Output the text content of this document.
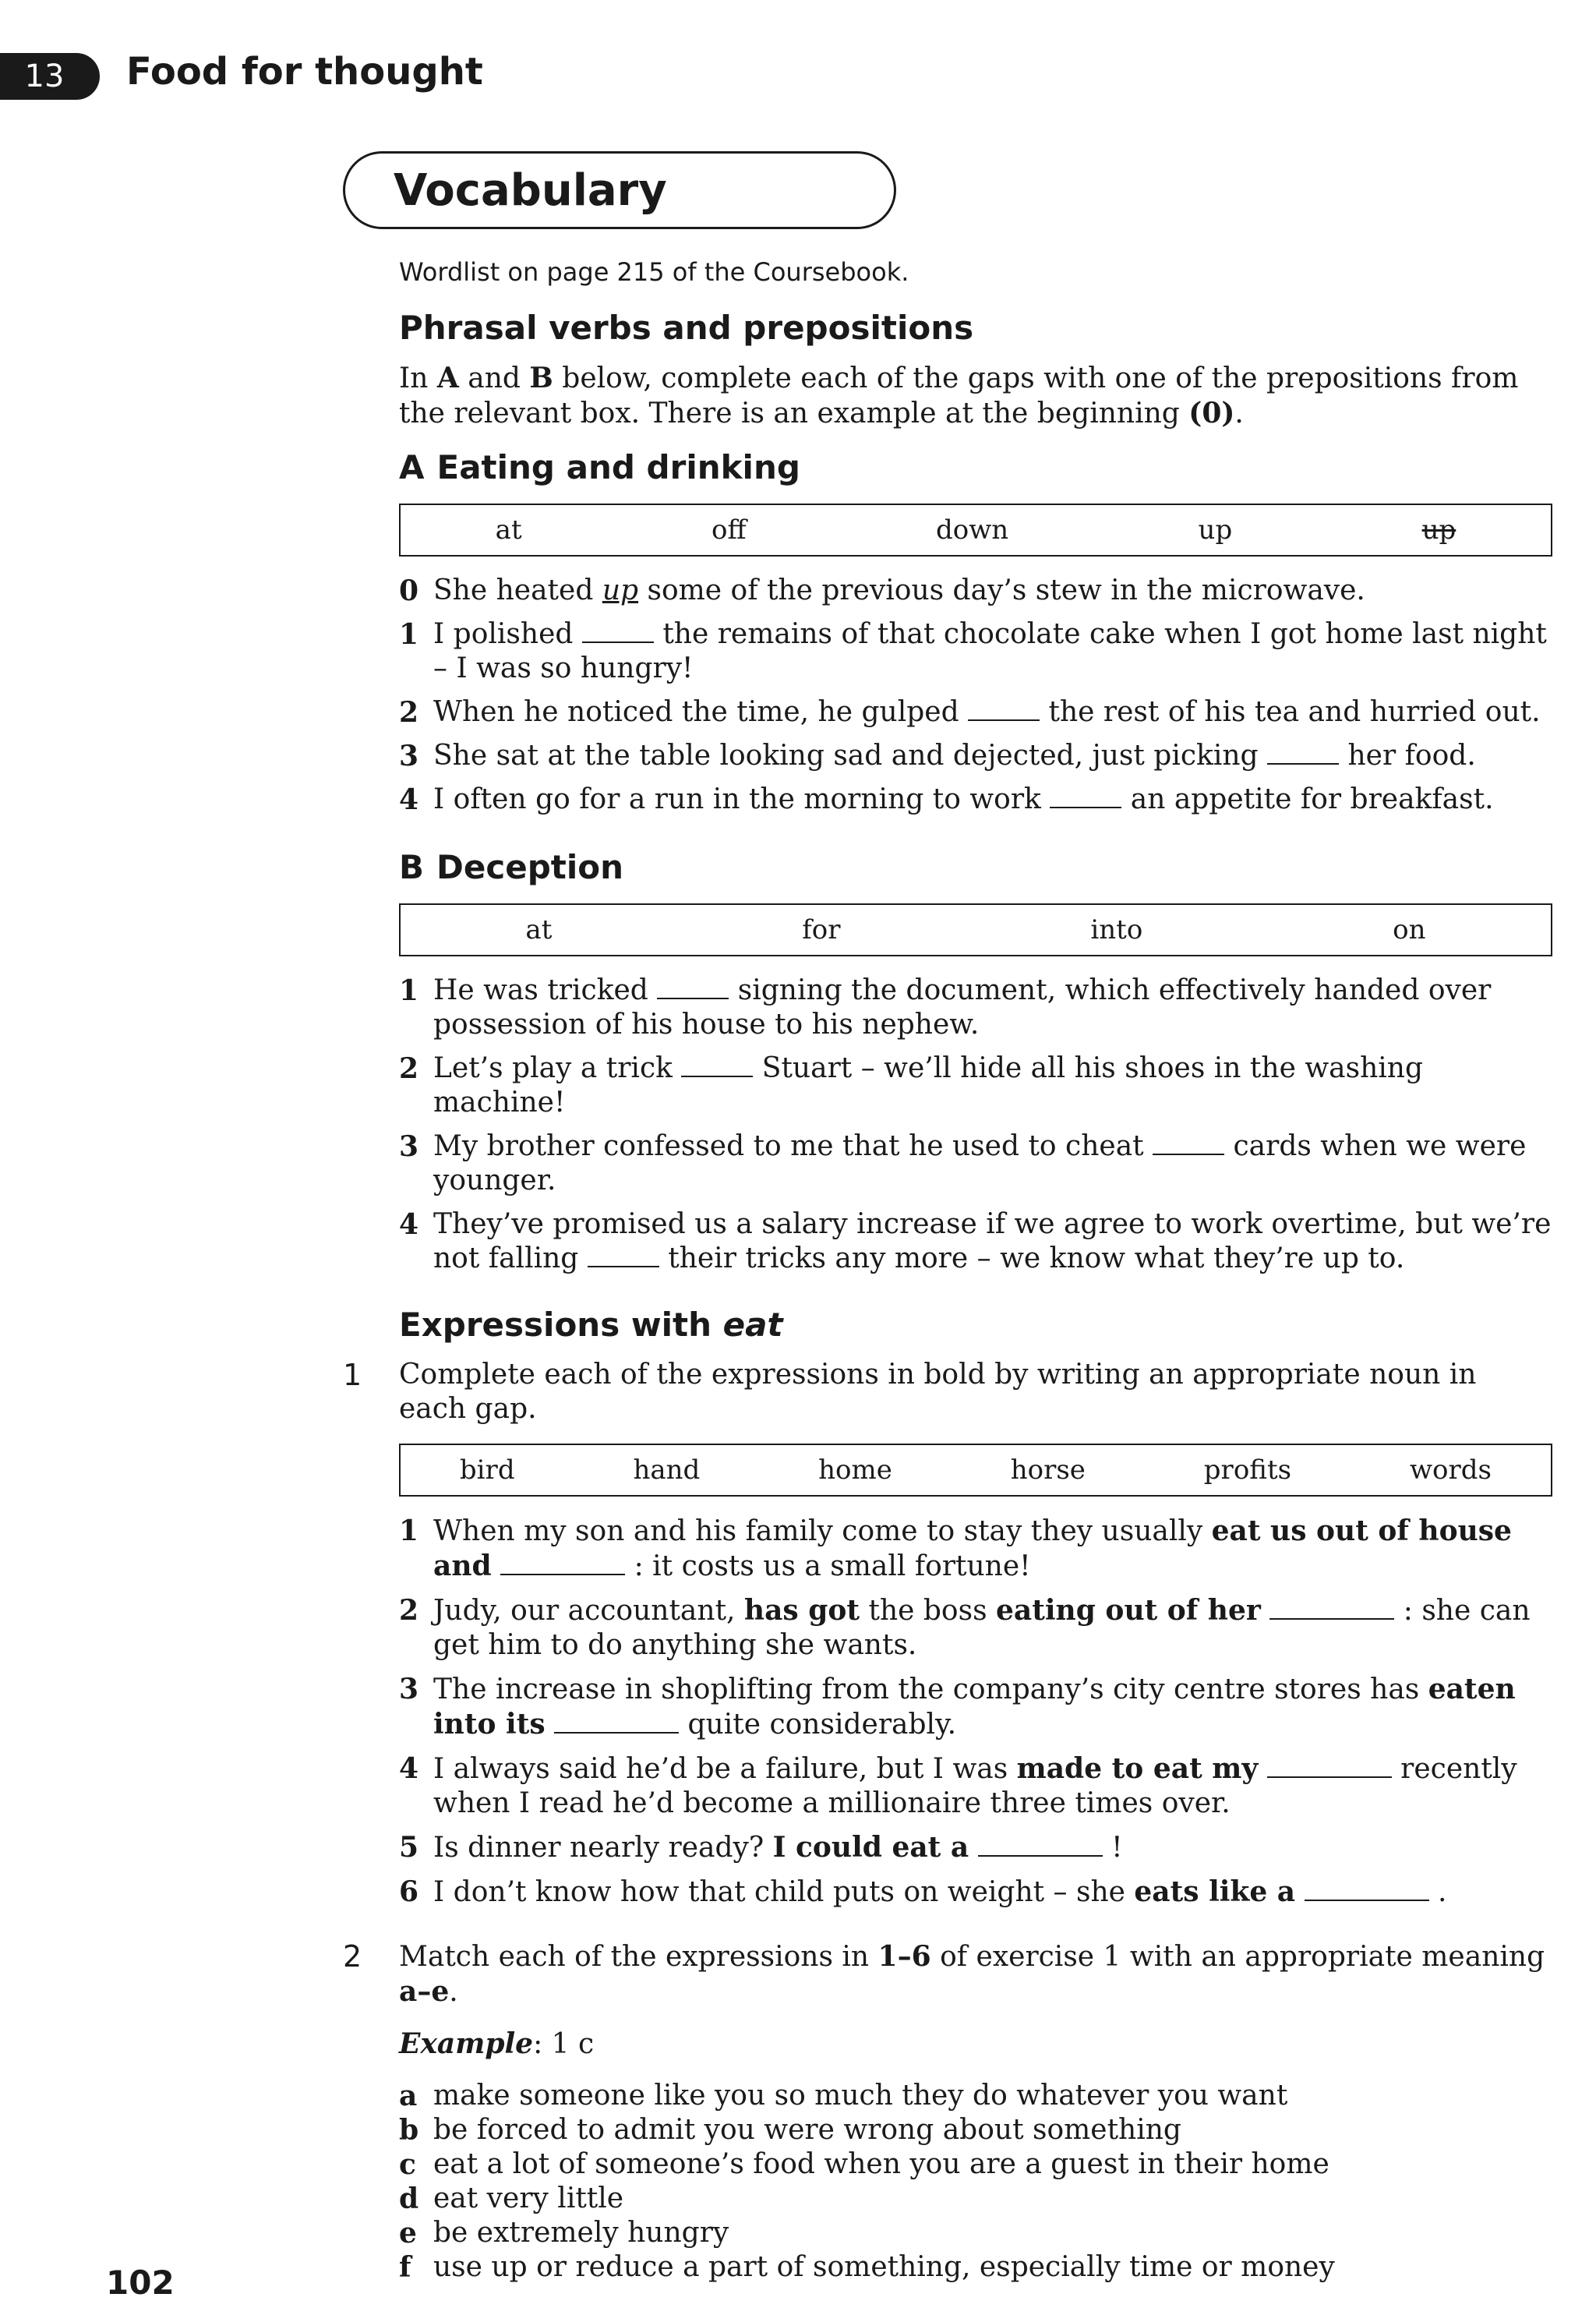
13	Food for thought
Vocabulary
Wordlist on page 215 of the Coursebook.
Phrasal verbs and prepositions

In A and B below, complete each of the gaps with one of the prepositions from the relevant box. There is an example at the beginning (0).

A Eating and drinking
at	off	down	up	up
0 She heated up some of the previous day’s stew in the microwave.
1 I polished	the remains of that chocolate cake when I got home last night – I was so hungry!
2 When he noticed the time, he gulped	the rest of his tea and hurried out.
3 She sat at the table looking sad and dejected, just picking	her food.
4 I often go for a run in the morning to work	an appetite for breakfast.
B Deception
at	for	into	on
1 He was tricked	signing the document, which effectively handed over possession of his house to his nephew.
2 Let’s play a trick	Stuart – we’ll hide all his shoes in the washing machine!
3 My brother confessed to me that he used to cheat	cards when we were younger.
4 They’ve promised us a salary increase if we agree to work overtime, but we’re not falling	their tricks any more – we know what they’re up to.
Expressions with eat
1 Complete each of the expressions in bold by writing an appropriate noun in each gap.

bird	hand	home	horse	profits	words
1 When my son and his family come to stay they usually eat us out of house and	: it costs us a small fortune!
2 Judy, our accountant, has got the boss eating out of her	: she can get him to do anything she wants.
3 The increase in shoplifting from the company’s city centre stores has eaten into its	quite considerably.
4 I always said he’d be a failure, but I was made to eat my	recently when I read he’d become a millionaire three times over.
5 Is dinner nearly ready? I could eat a	!
6 I don’t know how that child puts on weight – she eats like a	.
2 Match each of the expressions in 1–6 of exercise 1 with an appropriate meaning a–e.

Example: 1 c

a make someone like you so much they do whatever you want
b be forced to admit you were wrong about something
c eat a lot of someone’s food when you are a guest in their home
d eat very little
e be extremely hungry
f use up or reduce a part of something, especially time or money
102
